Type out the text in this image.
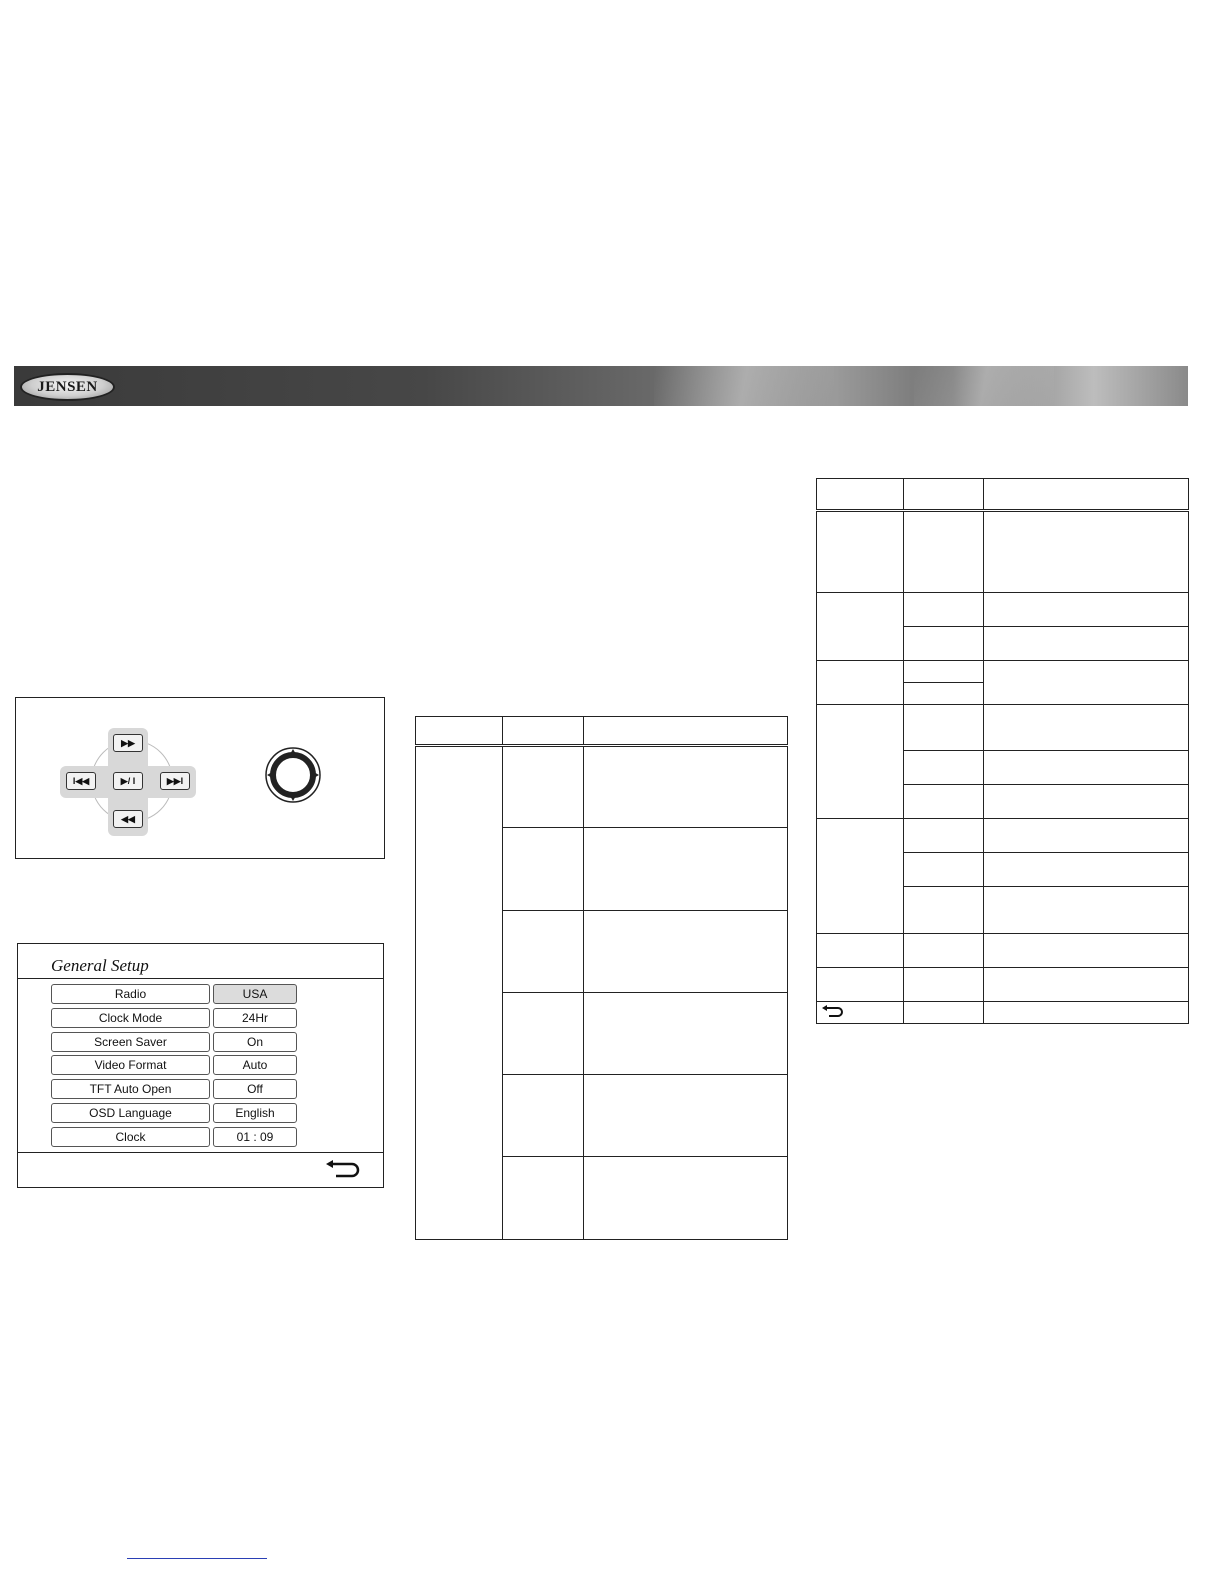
JENSEN
▶▶
I◀◀	▶/ I	▶▶I
◀◀
General Setup
Radio	USA
Clock Mode	24Hr
Screen Saver	On
Video Format	Auto
TFT Auto Open	Off
OSD Language	English
Clock	01 : 09
